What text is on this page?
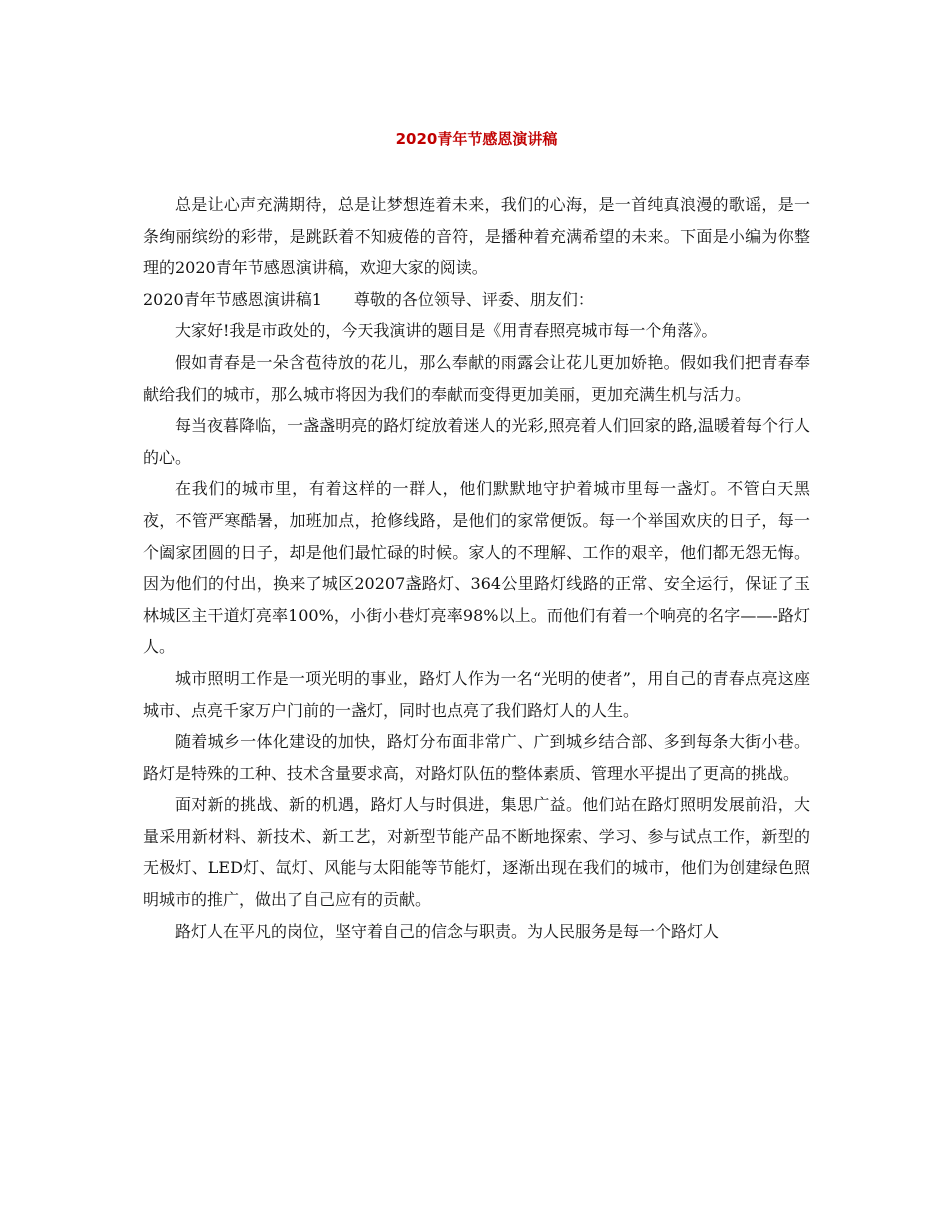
2020青年节感恩演讲稿

总是让心声充满期待，总是让梦想连着未来，我们的心海，是一首纯真浪漫的歌谣，是一条绚丽缤纷的彩带，是跳跃着不知疲倦的音符，是播种着充满希望的未来。下面是小编为你整理的2020青年节感恩演讲稿，欢迎大家的阅读。

2020青年节感恩演讲稿1　　尊敬的各位领导、评委、朋友们：

大家好!我是市政处的，今天我演讲的题目是《用青春照亮城市每一个角落》。

假如青春是一朵含苞待放的花儿，那么奉献的雨露会让花儿更加娇艳。假如我们把青春奉献给我们的城市，那么城市将因为我们的奉献而变得更加美丽，更加充满生机与活力。

每当夜暮降临，一盏盏明亮的路灯绽放着迷人的光彩,照亮着人们回家的路,温暖着每个行人的心。

在我们的城市里，有着这样的一群人，他们默默地守护着城市里每一盏灯。不管白天黑夜，不管严寒酷暑，加班加点，抢修线路，是他们的家常便饭。每一个举国欢庆的日子，每一个阖家团圆的日子，却是他们最忙碌的时候。家人的不理解、工作的艰辛，他们都无怨无悔。因为他们的付出，换来了城区20207盏路灯、364公里路灯线路的正常、安全运行，保证了玉林城区主干道灯亮率100%，小街小巷灯亮率98%以上。而他们有着一个响亮的名字——-路灯人。

城市照明工作是一项光明的事业，路灯人作为一名“光明的使者”，用自己的青春点亮这座城市、点亮千家万户门前的一盏灯，同时也点亮了我们路灯人的人生。

随着城乡一体化建设的加快，路灯分布面非常广、广到城乡结合部、多到每条大街小巷。路灯是特殊的工种、技术含量要求高，对路灯队伍的整体素质、管理水平提出了更高的挑战。

面对新的挑战、新的机遇，路灯人与时俱进，集思广益。他们站在路灯照明发展前沿，大量采用新材料、新技术、新工艺，对新型节能产品不断地探索、学习、参与试点工作，新型的无极灯、LED灯、氙灯、风能与太阳能等节能灯，逐渐出现在我们的城市，他们为创建绿色照明城市的推广，做出了自己应有的贡献。

路灯人在平凡的岗位，坚守着自己的信念与职责。为人民服务是每一个路灯人
